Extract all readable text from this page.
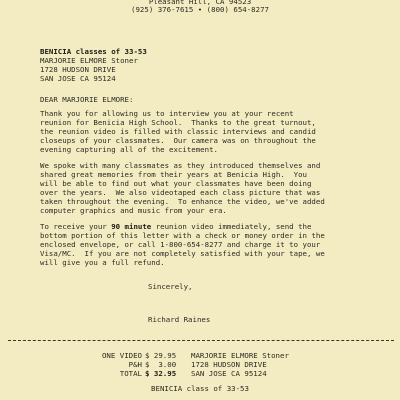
Pleasant Hill, CA 94523
(925) 376-7615 • (800) 654-8277
BENICIA classes of 33-53
MARJORIE ELMORE Stoner
1728 HUDSON DRIVE
SAN JOSE CA 95124
DEAR MARJORIE ELMORE:
Thank you for allowing us to interview you at your recent
reunion for Benicia High School.  Thanks to the great turnout,
the reunion video is filled with classic interviews and candid
closeups of your classmates.  Our camera was on throughout the
evening capturing all of the excitement.
We spoke with many classmates as they introduced themselves and
shared great memories from their years at Benicia High.  You
will be able to find out what your classmates have been doing
over the years.  We also videotaped each class picture that was
taken throughout the evening.  To enhance the video, we've added
computer graphics and music from your era.
To receive your 90 minute reunion video immediately, send the
bottom portion of this letter with a check or money order in the
enclosed envelope, or call 1-800-654-8277 and charge it to your
Visa/MC.  If you are not completely satisfied with your tape, we
will give you a full refund.
Sincerely,
Richard Raines
ONE VIDEO $ 29.95 MARJORIE ELMORE Stoner
P&H $  3.00 1728 HUDSON DRIVE
TOTAL $ 32.95 SAN JOSE CA 95124
BENICIA class of 33-53
